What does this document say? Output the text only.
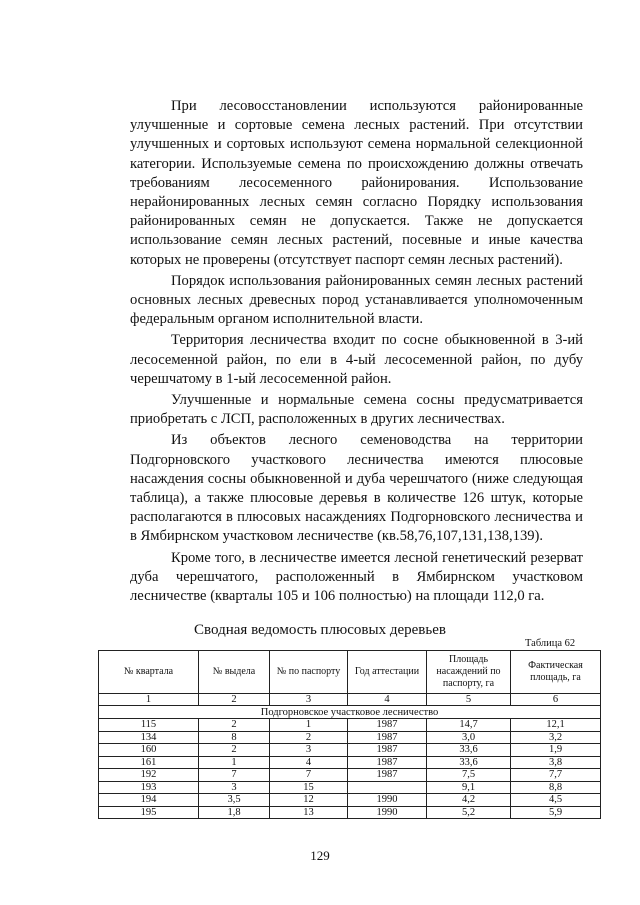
При лесовосстановлении используются районированные улучшенные и сортовые семена лесных растений. При отсутствии улучшенных и сортовых используют семена нормальной селекционной категории. Используемые семена по происхождению должны отвечать требованиям лесосеменного районирования. Использование нерайонированных лесных семян согласно Порядку использования районированных семян не допускается. Также не допускается использование семян лесных растений, посевные и иные качества которых не проверены (отсутствует паспорт семян лесных растений).

Порядок использования районированных семян лесных растений основных лесных древесных пород устанавливается уполномоченным федеральным органом исполнительной власти.

Территория лесничества входит по сосне обыкновенной в 3-ий лесосеменной район, по ели в 4-ый лесосеменной район, по дубу черешчатому в 1-ый лесосеменной район.

Улучшенные и нормальные семена сосны предусматривается приобретать с ЛСП, расположенных в других лесничествах.

Из объектов лесного семеноводства на территории Подгорновского участкового лесничества имеются плюсовые насаждения сосны обыкновенной и дуба черешчатого (ниже следующая таблица), а также плюсовые деревья в количестве 126 штук, которые располагаются в плюсовых насаждениях Подгорновского лесничества и в Ямбирнском участковом лесничестве (кв.58,76,107,131,138,139).

Кроме того, в лесничестве имеется лесной генетический резерват дуба черешчатого, расположенный в Ямбирнском участковом лесничестве (кварталы 105 и 106 полностью) на площади 112,0 га.

Сводная ведомость плюсовых деревьев
Таблица 62
№ квартала	№ выдела	№ по паспорту	Год аттестации	Площадь насаждений по паспорту, га	Фактическая площадь, га
1	2	3	4	5	6
Подгорновское участковое лесничество					
115	2	1	1987	14,7	12,1
134	8	2	1987	3,0	3,2
160	2	3	1987	33,6	1,9
161	1	4	1987	33,6	3,8
192	7	7	1987	7,5	7,7
193	3	15		9,1	8,8
194	3,5	12	1990	4,2	4,5
195	1,8	13	1990	5,2	5,9
129
